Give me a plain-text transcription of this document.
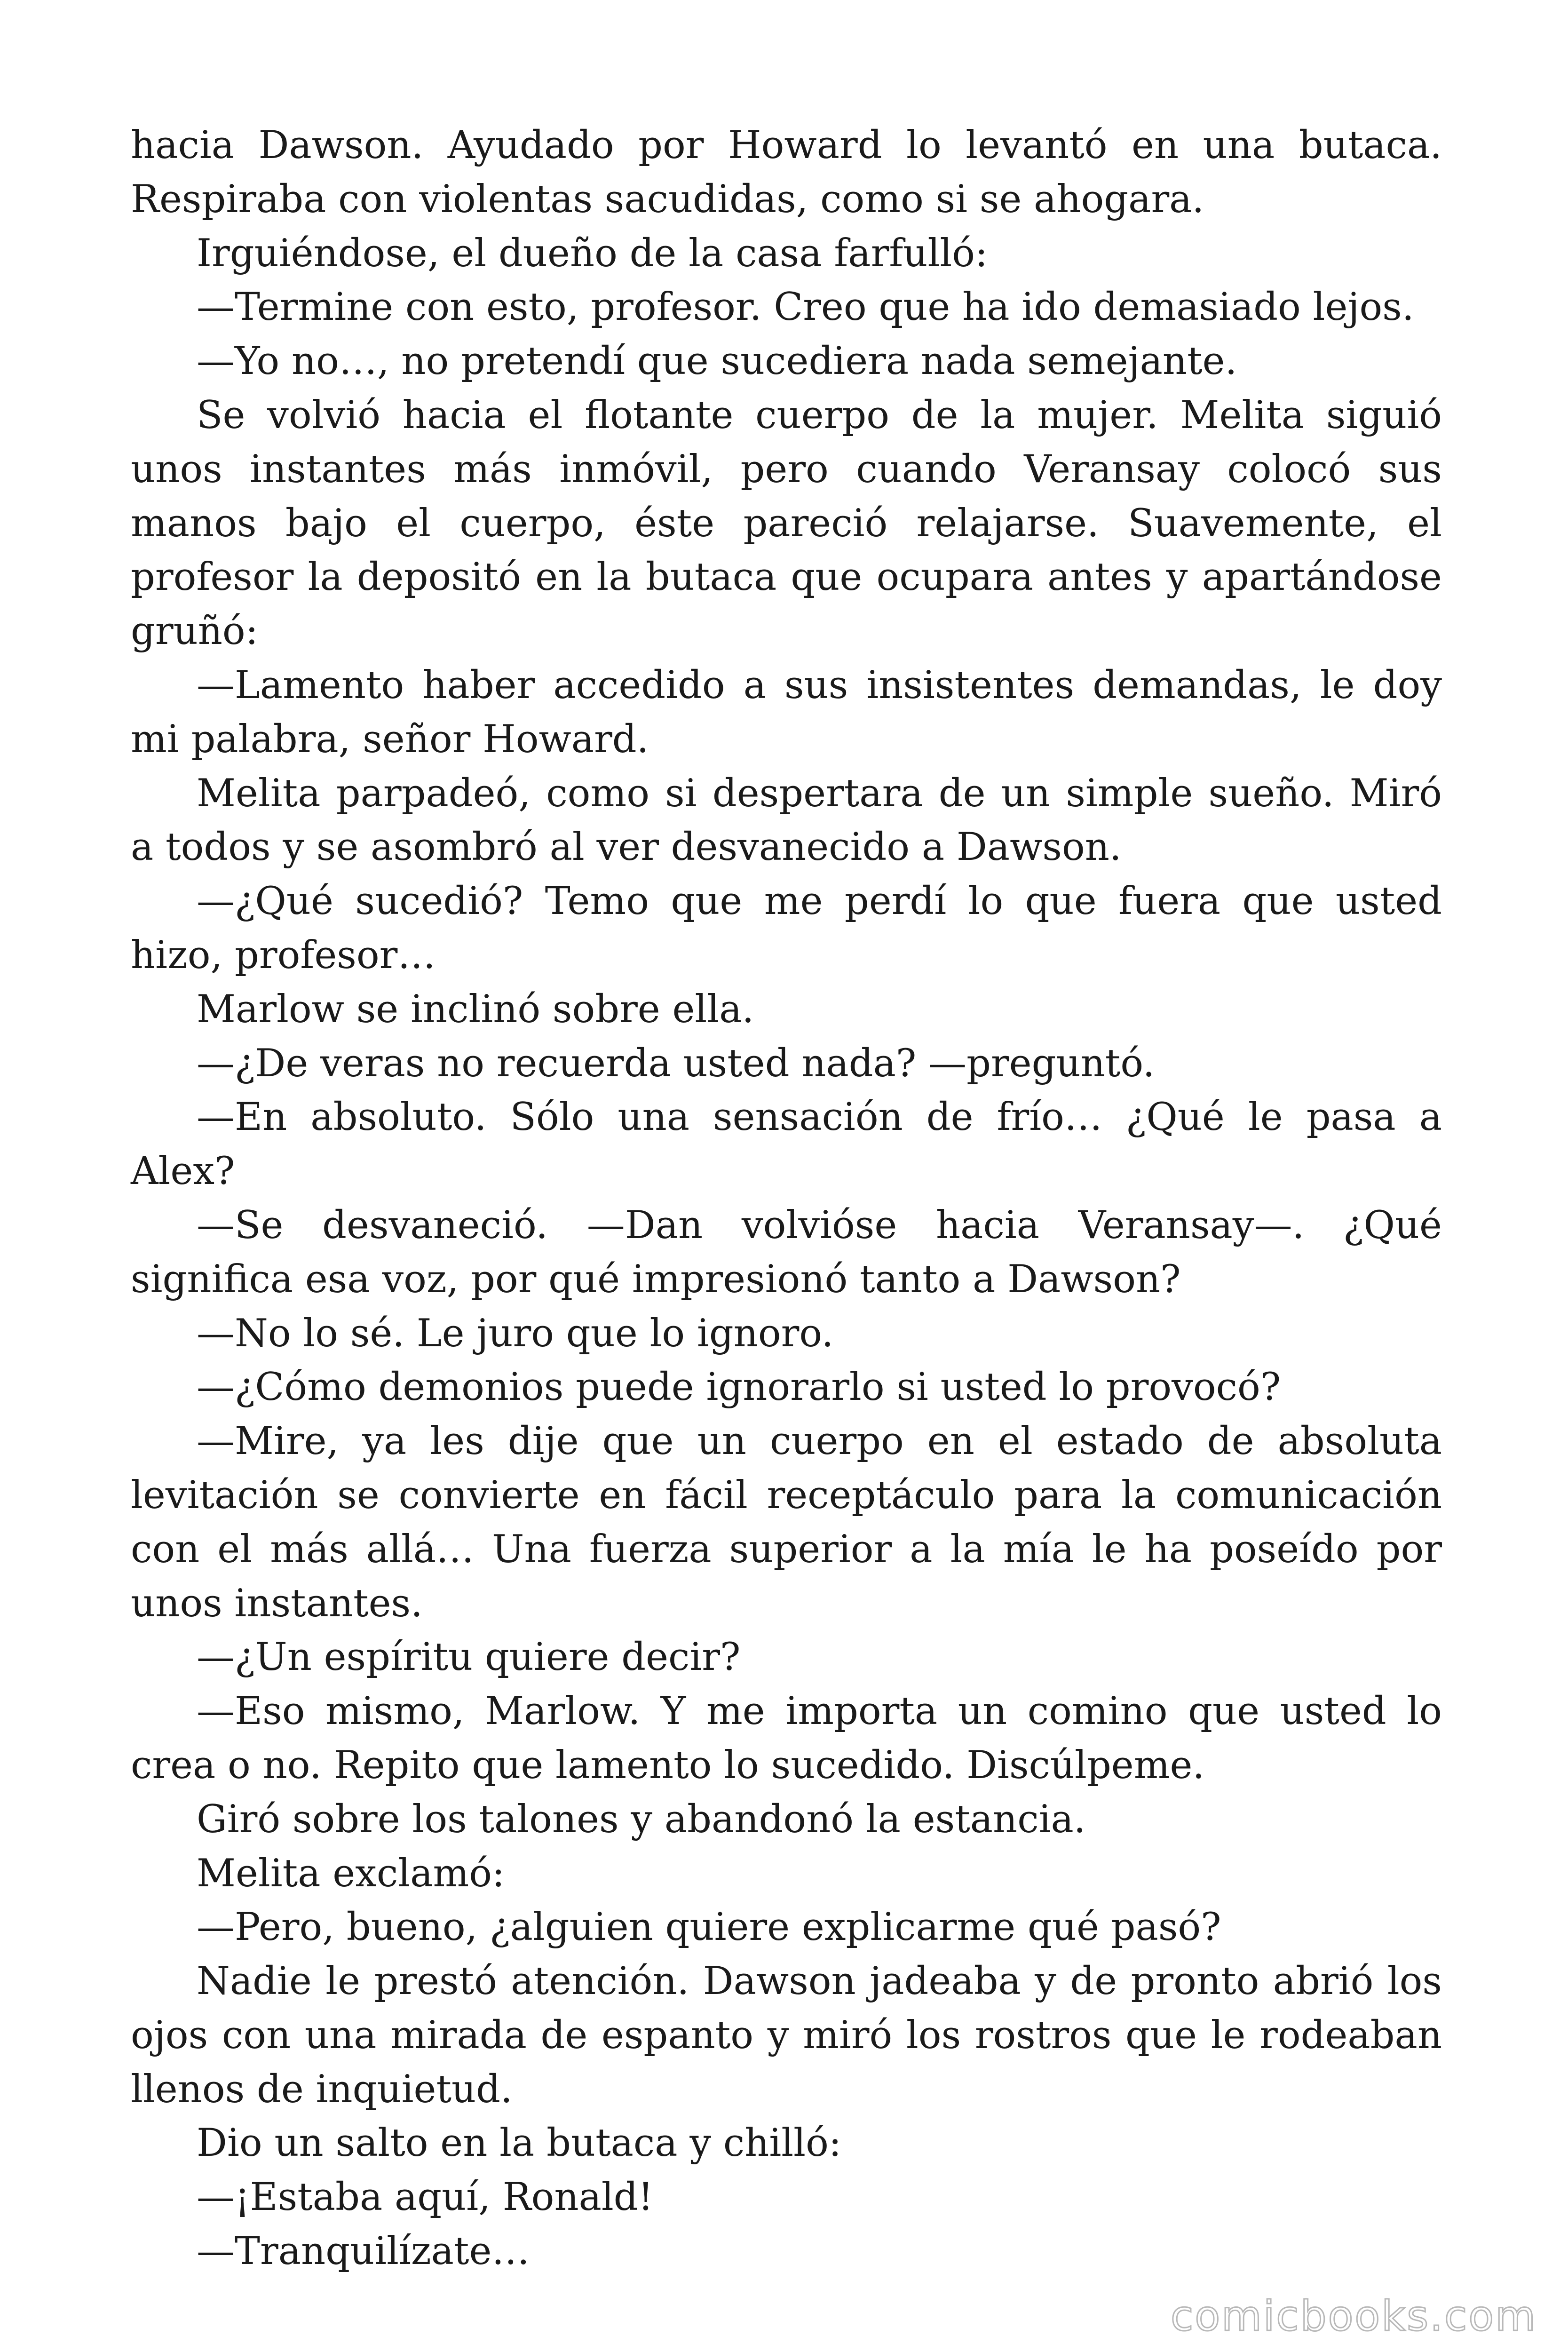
hacia Dawson. Ayudado por Howard lo levantó en una butaca. Respiraba con violentas sacudidas, como si se ahogara.

Irguiéndose, el dueño de la casa farfulló:

—Termine con esto, profesor. Creo que ha ido demasiado lejos.

—Yo no…, no pretendí que sucediera nada semejante.

Se volvió hacia el flotante cuerpo de la mujer. Melita siguió unos instantes más inmóvil, pero cuando Veransay colocó sus manos bajo el cuerpo, éste pareció relajarse. Suavemente, el profesor la depositó en la butaca que ocupara antes y apartándose gruñó:

—Lamento haber accedido a sus insistentes demandas, le doy mi palabra, señor Howard.

Melita parpadeó, como si despertara de un simple sueño. Miró a todos y se asombró al ver desvanecido a Dawson.

—¿Qué sucedió? Temo que me perdí lo que fuera que usted hizo, profesor…

Marlow se inclinó sobre ella.

—¿De veras no recuerda usted nada? —preguntó.

—En absoluto. Sólo una sensación de frío… ¿Qué le pasa a Alex?

—Se desvaneció. —Dan volvióse hacia Veransay—. ¿Qué significa esa voz, por qué impresionó tanto a Dawson?

—No lo sé. Le juro que lo ignoro.

—¿Cómo demonios puede ignorarlo si usted lo provocó?

—Mire, ya les dije que un cuerpo en el estado de absoluta levitación se convierte en fácil receptáculo para la comunicación con el más allá… Una fuerza superior a la mía le ha poseído por unos instantes.

—¿Un espíritu quiere decir?

—Eso mismo, Marlow. Y me importa un comino que usted lo crea o no. Repito que lamento lo sucedido. Discúlpeme.

Giró sobre los talones y abandonó la estancia.

Melita exclamó:

—Pero, bueno, ¿alguien quiere explicarme qué pasó?

Nadie le prestó atención. Dawson jadeaba y de pronto abrió los ojos con una mirada de espanto y miró los rostros que le rodeaban llenos de inquietud.

Dio un salto en la butaca y chilló:

—¡Estaba aquí, Ronald!

—Tranquilízate…

comicbooks.com
